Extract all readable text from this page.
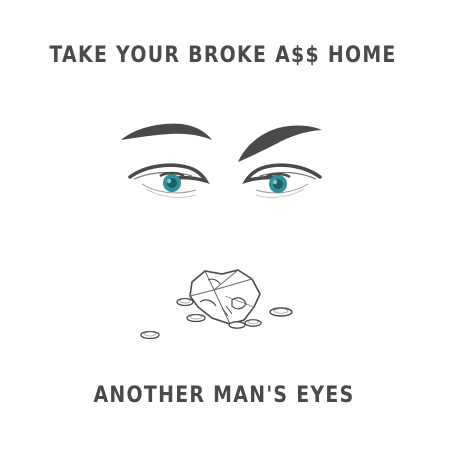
TAKE YOUR BROKE A$$ HOME
ANOTHER MAN'S EYES
